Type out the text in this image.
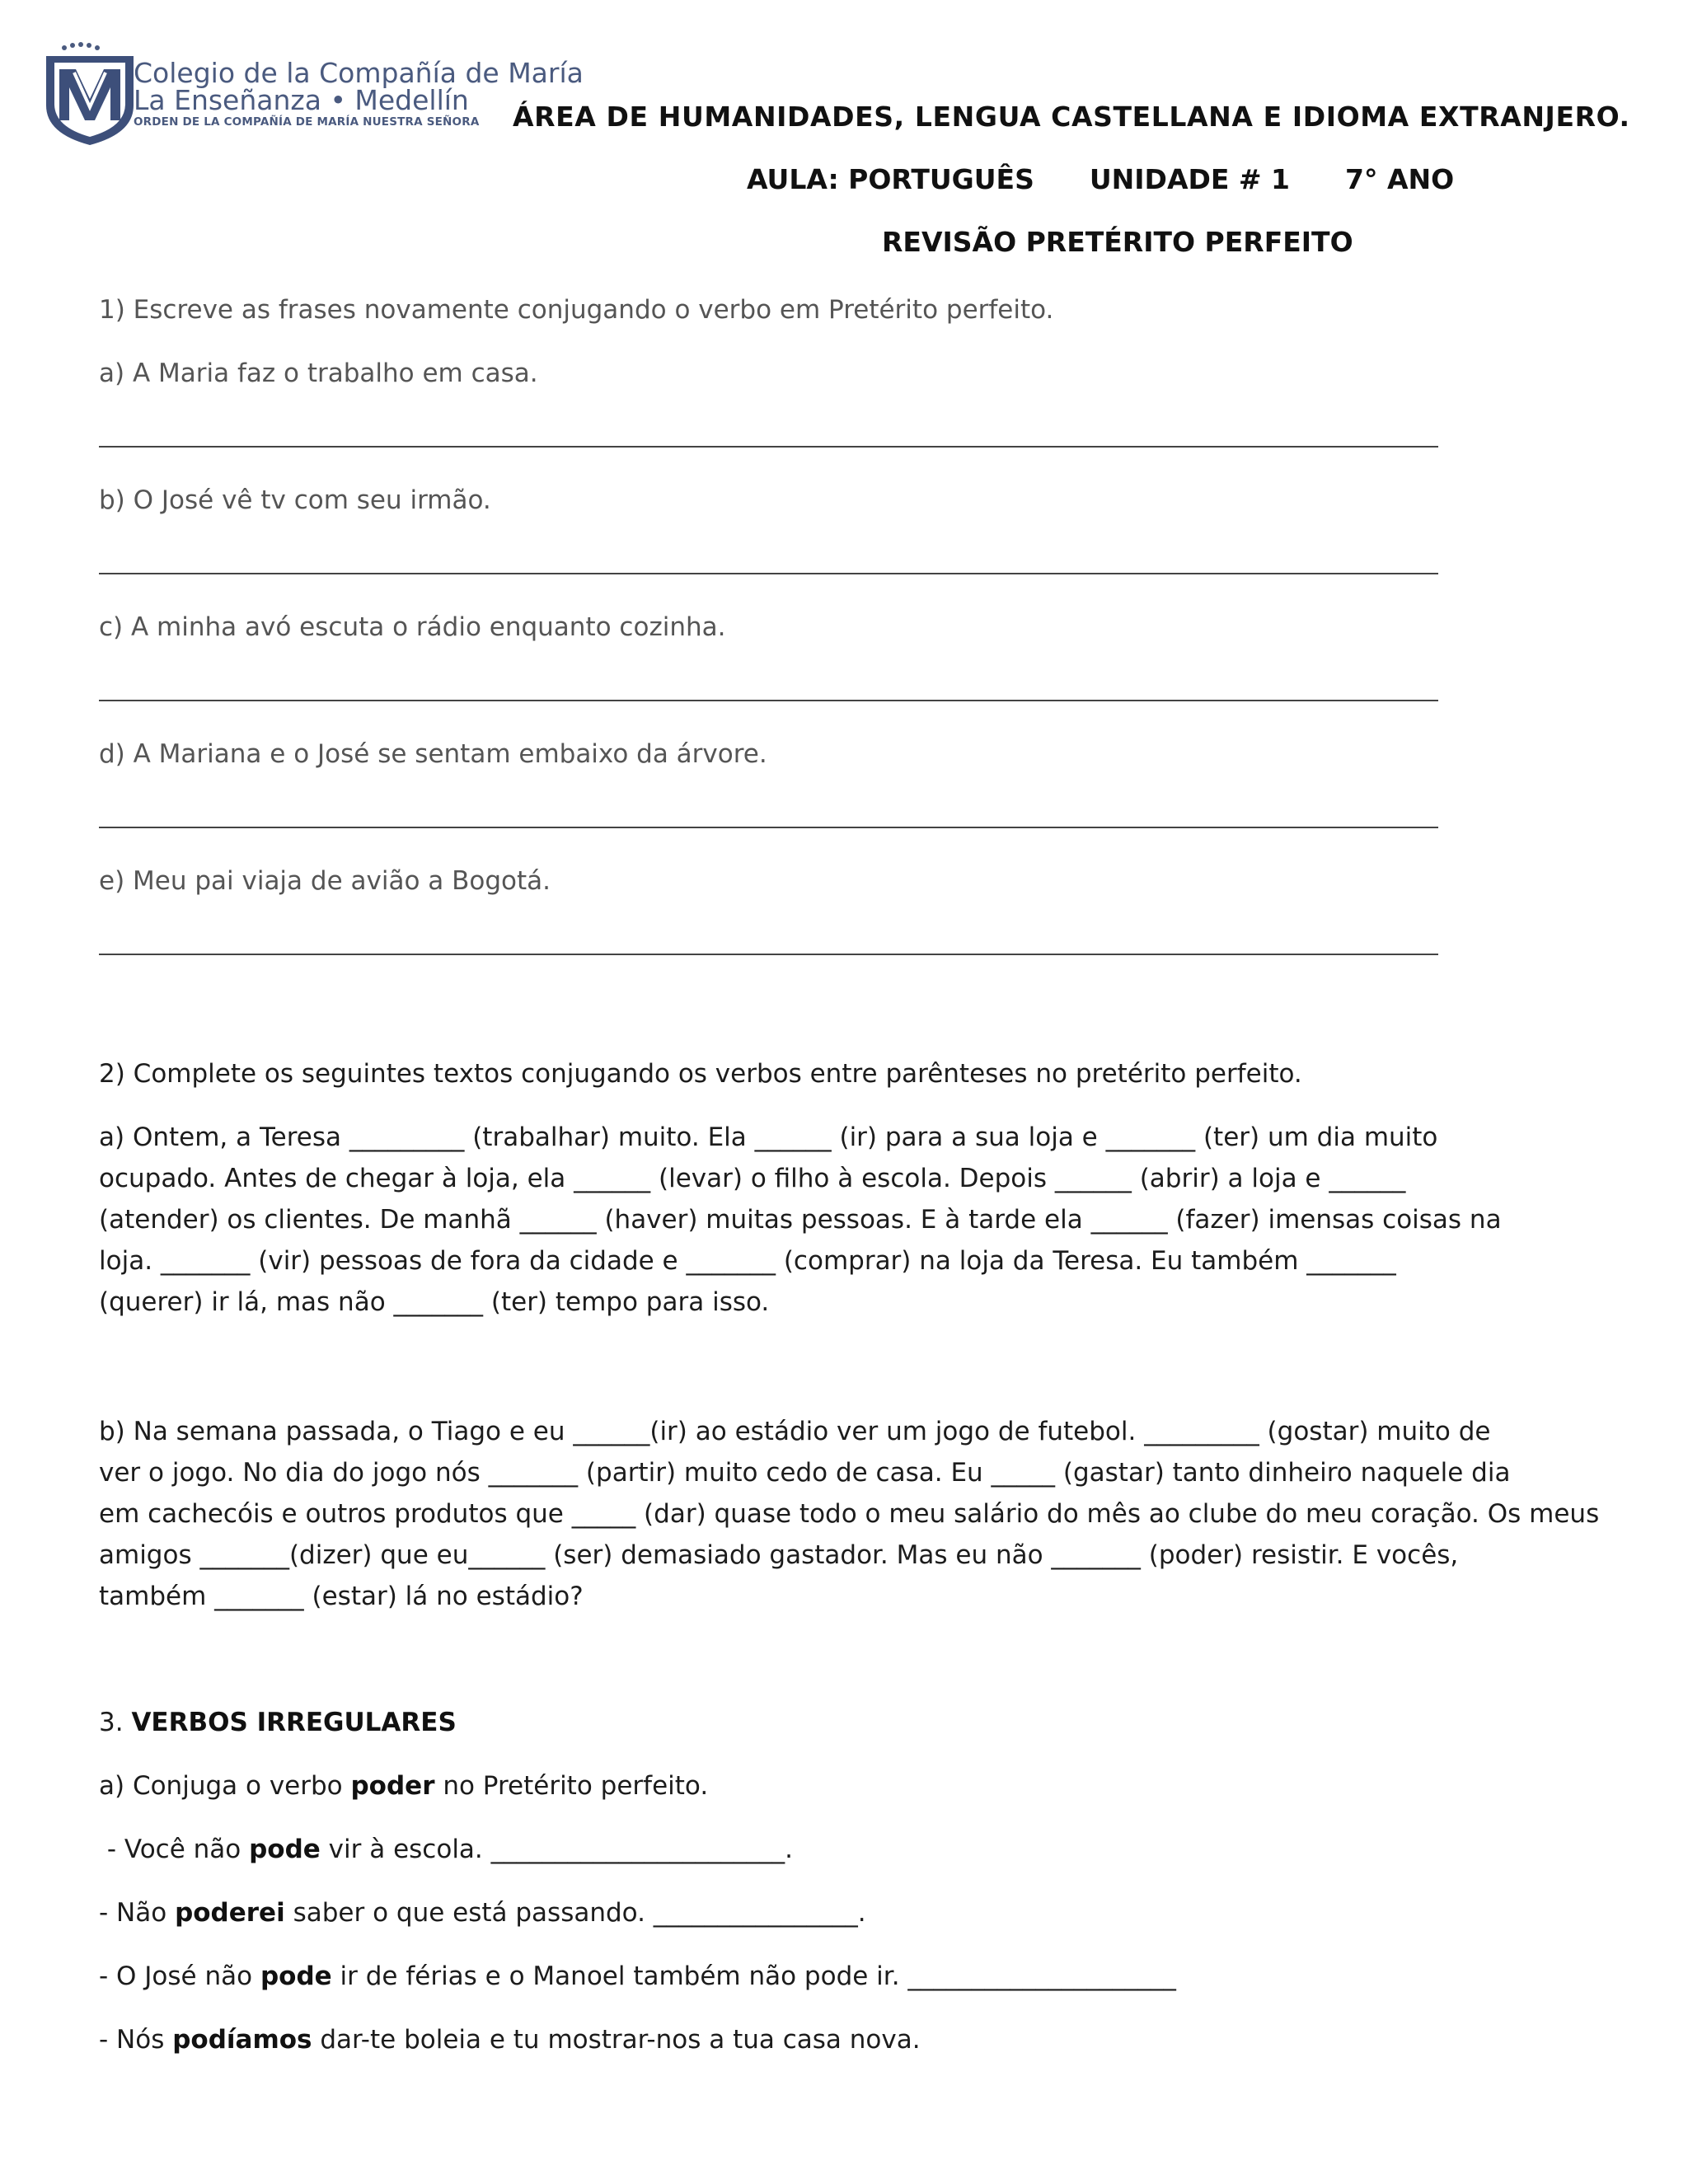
Colegio de la Compañía de María
La Enseñanza • Medellín
ORDEN DE LA COMPAÑÍA DE MARÍA NUESTRA SEÑORA	ÁREA DE HUMANIDADES, LENGUA CASTELLANA E IDIOMA EXTRANJERO.
AULA: PORTUGUÊS UNIDADE # 1 7° ANO
REVISÃO PRETÉRITO PERFEITO
1) Escreve as frases novamente conjugando o verbo em Pretérito perfeito.
a) A Maria faz o trabalho em casa.
b) O José vê tv com seu irmão.
c) A minha avó escuta o rádio enquanto cozinha.
d) A Mariana e o José se sentam embaixo da árvore.
e) Meu pai viaja de avião a Bogotá.
2) Complete os seguintes textos conjugando os verbos entre parênteses no pretérito perfeito.
a) Ontem, a Teresa _________ (trabalhar) muito. Ela ______ (ir) para a sua loja e _______ (ter) um dia muito
ocupado. Antes de chegar à loja, ela ______ (levar) o filho à escola. Depois ______ (abrir) a loja e ______
(atender) os clientes. De manhã ______ (haver) muitas pessoas. E à tarde ela ______ (fazer) imensas coisas na
loja. _______ (vir) pessoas de fora da cidade e _______ (comprar) na loja da Teresa. Eu também _______
(querer) ir lá, mas não _______ (ter) tempo para isso.
b) Na semana passada, o Tiago e eu ______(ir) ao estádio ver um jogo de futebol. _________ (gostar) muito de
ver o jogo. No dia do jogo nós _______ (partir) muito cedo de casa. Eu _____ (gastar) tanto dinheiro naquele dia
em cachecóis e outros produtos que _____ (dar) quase todo o meu salário do mês ao clube do meu coração. Os meus
amigos _______(dizer) que eu______ (ser) demasiado gastador. Mas eu não _______ (poder) resistir. E vocês,
também _______ (estar) lá no estádio?
3. VERBOS IRREGULARES
a) Conjuga o verbo poder no Pretérito perfeito.
- Você não pode vir à escola. _______________________.
- Não poderei saber o que está passando. ________________.
- O José não pode ir de férias e o Manoel também não pode ir. _____________________
- Nós podíamos dar-te boleia e tu mostrar-nos a tua casa nova.
